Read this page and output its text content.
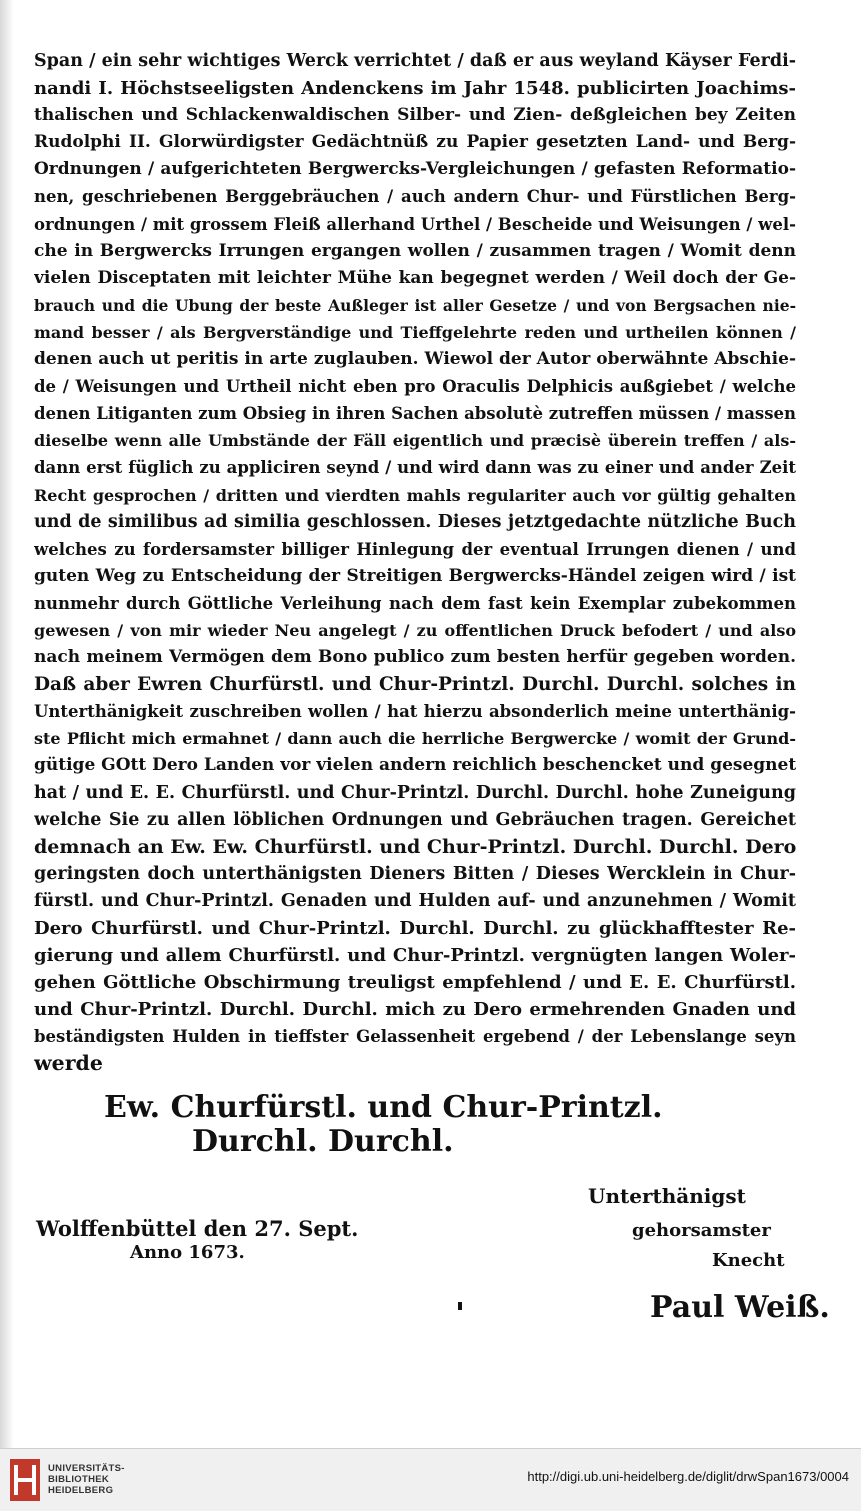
Span / ein sehr wichtiges Werck verrichtet / daß er aus weyland Käyser Ferdi-
nandi I. Höchstseeligsten Andenckens im Jahr 1548. publicirten Joachims-
thalischen und Schlackenwaldischen Silber- und Zien- deßgleichen bey Zeiten
Rudolphi II. Glorwürdigster Gedächtnüß zu Papier gesetzten Land- und Berg-
Ordnungen / aufgerichteten Bergwercks-Vergleichungen / gefasten Reformatio-
nen, geschriebenen Berggebräuchen / auch andern Chur- und Fürstlichen Berg-
ordnungen / mit grossem Fleiß allerhand Urthel / Bescheide und Weisungen / wel-
che in Bergwercks Irrungen ergangen wollen / zusammen tragen / Womit denn
vielen Disceptaten mit leichter Mühe kan begegnet werden / Weil doch der Ge-
brauch und die Ubung der beste Außleger ist aller Gesetze / und von Bergsachen nie-
mand besser / als Bergverständige und Tieffgelehrte reden und urtheilen können /
denen auch ut peritis in arte zuglauben. Wiewol der Autor oberwähnte Abschie-
de / Weisungen und Urtheil nicht eben pro Oraculis Delphicis außgiebet / welche
denen Litiganten zum Obsieg in ihren Sachen absolutè zutreffen müssen / massen
dieselbe wenn alle Umbstände der Fäll eigentlich und præcisè überein treffen / als-
dann erst füglich zu appliciren seynd / und wird dann was zu einer und ander Zeit
Recht gesprochen / dritten und vierdten mahls regulariter auch vor gültig gehalten
und de similibus ad similia geschlossen. Dieses jetztgedachte nützliche Buch
welches zu fordersamster billiger Hinlegung der eventual Irrungen dienen / und
guten Weg zu Entscheidung der Streitigen Bergwercks-Händel zeigen wird / ist
nunmehr durch Göttliche Verleihung nach dem fast kein Exemplar zubekommen
gewesen / von mir wieder Neu angelegt / zu offentlichen Druck befodert / und also
nach meinem Vermögen dem Bono publico zum besten herfür gegeben worden.
Daß aber Ewren Churfürstl. und Chur-Printzl. Durchl. Durchl. solches in
Unterthänigkeit zuschreiben wollen / hat hierzu absonderlich meine unterthänig-
ste Pflicht mich ermahnet / dann auch die herrliche Bergwercke / womit der Grund-
gütige GOtt Dero Landen vor vielen andern reichlich beschencket und gesegnet
hat / und E. E. Churfürstl. und Chur-Printzl. Durchl. Durchl. hohe Zuneigung
welche Sie zu allen löblichen Ordnungen und Gebräuchen tragen. Gereichet
demnach an Ew. Ew. Churfürstl. und Chur-Printzl. Durchl. Durchl. Dero
geringsten doch unterthänigsten Dieners Bitten / Dieses Wercklein in Chur-
fürstl. und Chur-Printzl. Genaden und Hulden auf- und anzunehmen / Womit
Dero Churfürstl. und Chur-Printzl. Durchl. Durchl. zu glückhafftester Re-
gierung und allem Churfürstl. und Chur-Printzl. vergnügten langen Woler-
gehen Göttliche Obschirmung treuligst empfehlend / und E. E. Churfürstl.
und Chur-Printzl. Durchl. Durchl. mich zu Dero ermehrenden Gnaden und
beständigsten Hulden in tieffster Gelassenheit ergebend / der Lebenslange seyn
werde
Ew. Churfürstl. und Chur-Printzl.
Durchl. Durchl.
Unterthänigst
Wolffenbüttel den 27. Sept.	gehorsamster
Anno 1673.	Knecht
Paul Weiß.
UNIVERSITÄTS-
BIBLIOTHEK
HEIDELBERG
http://digi.ub.uni-heidelberg.de/diglit/drwSpan1673/0004
